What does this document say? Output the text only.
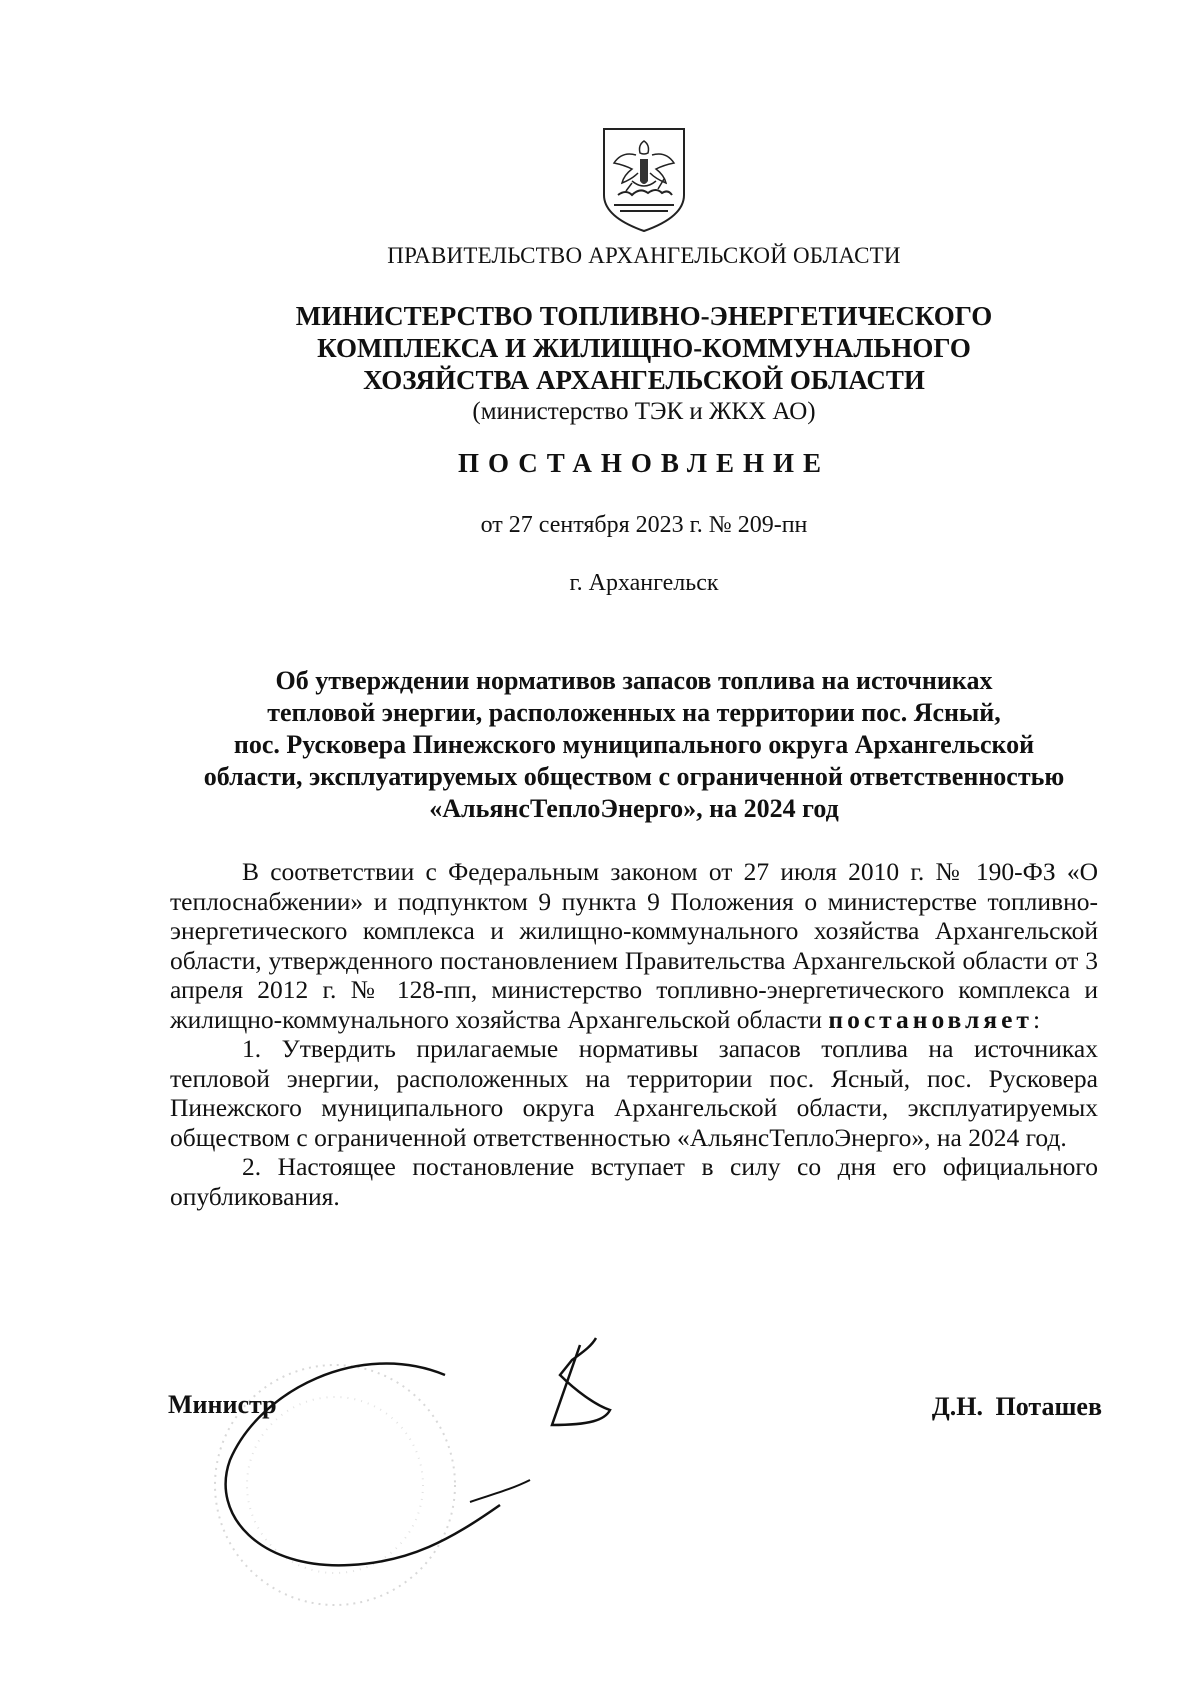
ПРАВИТЕЛЬСТВО АРХАНГЕЛЬСКОЙ ОБЛАСТИ
МИНИСТЕРСТВО ТОПЛИВНО-ЭНЕРГЕТИЧЕСКОГО
КОМПЛЕКСА И ЖИЛИЩНО-КОММУНАЛЬНОГО
ХОЗЯЙСТВА АРХАНГЕЛЬСКОЙ ОБЛАСТИ
(министерство ТЭК и ЖКХ АО)
ПОСТАНОВЛЕНИЕ
от 27 сентября 2023 г. № 209-пн
г. Архангельск
Об утверждении нормативов запасов топлива на источниках
тепловой энергии, расположенных на территории пос. Ясный,
пос. Русковера Пинежского муниципального округа Архангельской
области, эксплуатируемых обществом с ограниченной ответственностью
«АльянсТеплоЭнерго», на 2024 год

В соответствии с Федеральным законом от 27 июля 2010 г. № 190-ФЗ «О теплоснабжении» и подпунктом 9 пункта 9 Положения о министерстве топливно-энергетического комплекса и жилищно-коммунального хозяйства Архангельской области, утвержденного постановлением Правительства Архангельской области от 3 апреля 2012 г. № 128-пп, министерство топливно-энергетического комплекса и жилищно-коммунального хозяйства Архангельской области постановляет:

1. Утвердить прилагаемые нормативы запасов топлива на источниках тепловой энергии, расположенных на территории пос. Ясный, пос. Русковера Пинежского муниципального округа Архангельской области, эксплуатируемых обществом с ограниченной ответственностью «АльянсТеплоЭнерго», на 2024 год.

2. Настоящее постановление вступает в силу со дня его официального опубликования.

Министр	Д.Н. Поташев
